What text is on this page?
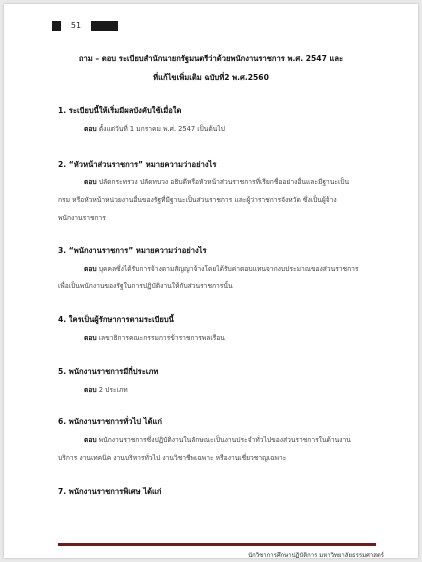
51
ถาม – ตอบ ระเบียบสำนักนายกรัฐมนตรีว่าด้วยพนักงานราชการ พ.ศ. 2547 และ
ที่แก้ไขเพิ่มเติม ฉบับที่2 พ.ศ.2560
1. ระเบียบนี้ให้เริ่มมีผลบังคับใช้เมื่อใด
ตอบ ตั้งแต่วันที่ 1 มกราคม พ.ศ. 2547 เป็นต้นไป
2. “หัวหน้าส่วนราชการ” หมายความว่าอย่างไร
ตอบ ปลัดกระทรวง ปลัดทบวง อธิบดีหรือหัวหน้าส่วนราชการที่เรียกชื่ออย่างอื่นและมีฐานะเป็น
กรม หรือหัวหน้าหน่วยงานอื่นของรัฐที่มีฐานะเป็นส่วนราชการ และผู้ว่าราชการจังหวัด ซึ่งเป็นผู้จ้าง
พนักงานราชการ
3. “พนักงานราชการ” หมายความว่าอย่างไร
ตอบ บุคคลซึ่งได้รับการจ้างตามสัญญาจ้างโดยได้รับค่าตอบแทนจากงบประมาณของส่วนราชการ
เพื่อเป็นพนักงานของรัฐในการปฏิบัติงานให้กับส่วนราชการนั้น
4. ใครเป็นผู้รักษาการตามระเบียบนี้
ตอบ เลขาธิการคณะกรรมการข้าราชการพลเรือน
5. พนักงานราชการมีกี่ประเภท
ตอบ 2 ประเภท
6. พนักงานราชการทั่วไป ได้แก่
ตอบ พนักงานราชการซึ่งปฏิบัติงานในลักษณะเป็นงานประจำทั่วไปของส่วนราชการในด้านงาน
บริการ งานเทคนิค งานบริหารทั่วไป งานวิชาชีพเฉพาะ หรืองานเชี่ยวชาญเฉพาะ
7. พนักงานราชการพิเศษ ได้แก่
นักวิชาการศึกษาปฏิบัติการ มหาวิทยาลัยธรรมศาสตร์
